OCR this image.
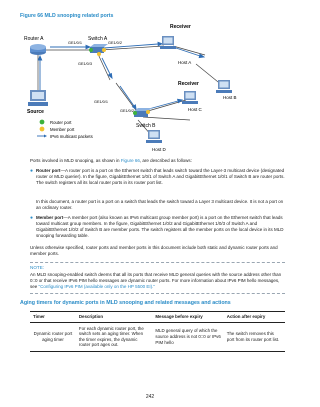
Figure 66 MLD snooping related ports
Router A	Switch A
GE1/0/1	GE1/0/2
GE1/0/3
Receiver
Host A
Host B
Source
Switch B
GE1/0/1
GE1/0/2
Receiver
Host C
Host D
Router port
Member port
IPv6 multicast packets

Ports involved in MLD snooping, as shown in Figure 66, are described as follows:

● Router port—A router port is a port on the Ethernet switch that leads switch toward the Layer-3 multicast device (designated router or MLD querier). In the figure, GigabitEthernet 1/0/1 of Switch A and GigabitEthernet 1/0/1 of Switch B are router ports. The switch registers all its local router ports in its router port list.
In this document, a router port is a port on a switch that leads the switch toward a Layer 3 multicast device. It is not a port on an ordinary router.
● Member port—A member port (also known as IPv6 multicast group member port) is a port on the Ethernet switch that leads toward multicast group members. In the figure, GigabitEthernet 1/0/2 and GigabitEthernet 1/0/3 of Switch A and GigabitEthernet 1/0/2 of Switch B are member ports. The switch registers all the member ports on the local device in its MLD snooping forwarding table.

Unless otherwise specified, router ports and member ports in this document include both static and dynamic router ports and member ports.

NOTE:

An MLD snooping-enabled switch deems that all its ports that receive MLD general queries with the source address other than 0::0 or that receive IPv6 PIM hello messages are dynamic router ports. For more information about IPv6 PIM hello messages, see "Configuring IPv6 PIM (available only on the HP 5500 EI)."

Aging timers for dynamic ports in MLD snooping and related messages and actions
Timer	Description	Message before expiry	Action after expiry
Dynamic router port aging timer	For each dynamic router port, the switch sets an aging timer. When the timer expires, the dynamic router port ages out.	MLD general query of which the source address is not 0::0 or IPv6 PIM hello	The switch removes this port from its router port list.
242
